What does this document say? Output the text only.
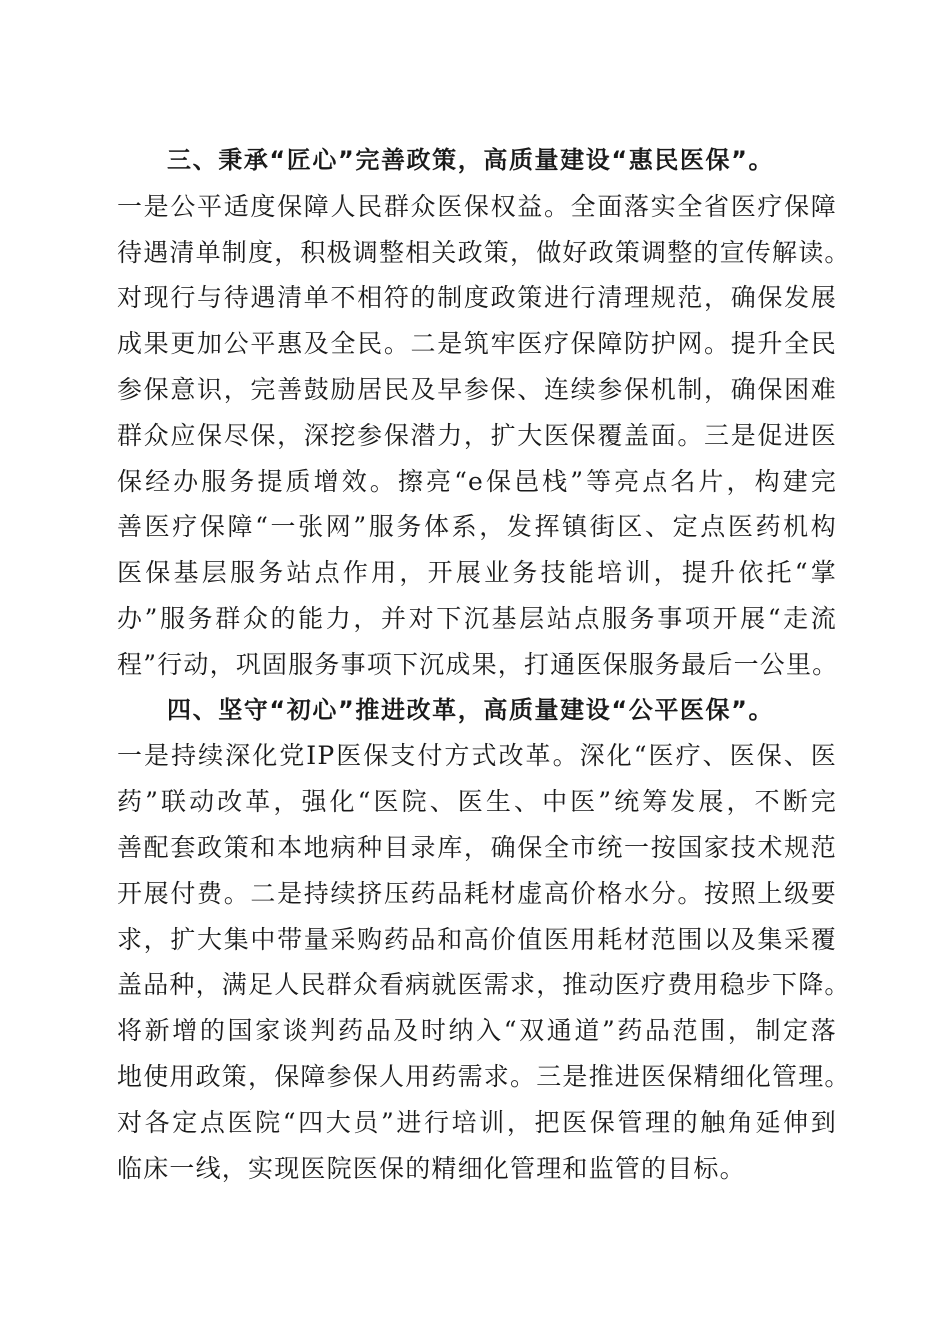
三、秉承“匠心”完善政策，高质量建设“惠民医保”。

一是公平适度保障人民群众医保权益。全面落实全省医疗保障

待遇清单制度，积极调整相关政策，做好政策调整的宣传解读。

对现行与待遇清单不相符的制度政策进行清理规范，确保发展

成果更加公平惠及全民。二是筑牢医疗保障防护网。提升全民

参保意识，完善鼓励居民及早参保、连续参保机制，确保困难

群众应保尽保，深挖参保潜力，扩大医保覆盖面。三是促进医

保经办服务提质增效。擦亮“e保邑栈”等亮点名片，构建完

善医疗保障“一张网”服务体系，发挥镇街区、定点医药机构

医保基层服务站点作用，开展业务技能培训，提升依托“掌

办”服务群众的能力，并对下沉基层站点服务事项开展“走流

程”行动，巩固服务事项下沉成果，打通医保服务最后一公里。

四、坚守“初心”推进改革，高质量建设“公平医保”。

一是持续深化党IP医保支付方式改革。深化“医疗、医保、医

药”联动改革，强化“医院、医生、中医”统筹发展，不断完

善配套政策和本地病种目录库，确保全市统一按国家技术规范

开展付费。二是持续挤压药品耗材虚高价格水分。按照上级要

求，扩大集中带量采购药品和高价值医用耗材范围以及集采覆

盖品种，满足人民群众看病就医需求，推动医疗费用稳步下降。

将新增的国家谈判药品及时纳入“双通道”药品范围，制定落

地使用政策，保障参保人用药需求。三是推进医保精细化管理。

对各定点医院“四大员”进行培训，把医保管理的触角延伸到

临床一线，实现医院医保的精细化管理和监管的目标。
